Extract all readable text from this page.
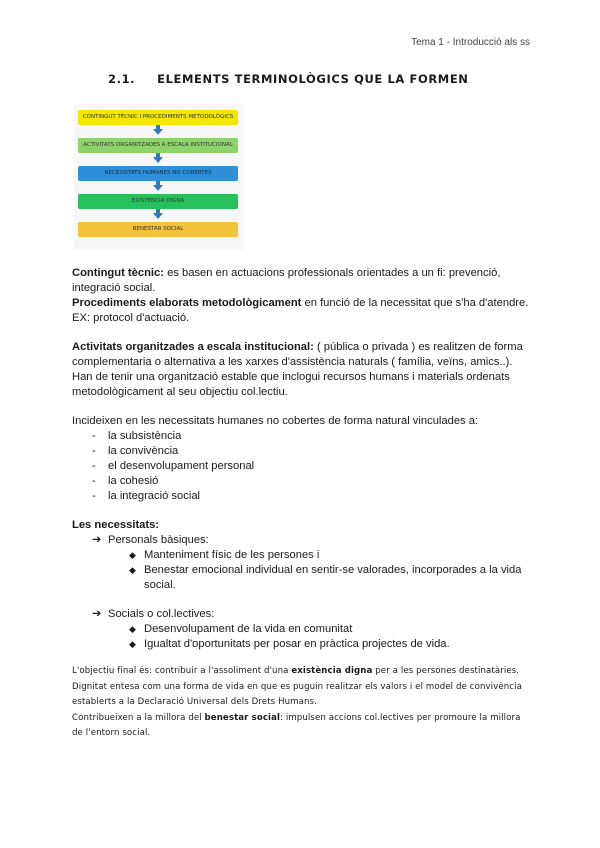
Tema 1 - Introducció als ss
2.1. ELEMENTS TERMINOLÒGICS QUE LA FORMEN
CONTINGUT TÈCNIC I PROCEDIMENTS METODOLÒGICS
ACTIVITATS ORGANITZADES A ESCALA INSTITUCIONAL
NECESSITATS HUMANES NO COBERTES
EXISTÈNCIA DIGNA
BENESTAR SOCIAL

Contingut tècnic: es basen en actuacions professionals orientades a un fi: prevenció, integració social.

Procediments elaborats metodològicament en funció de la necessitat que s'ha d'atendre. EX: protocol d'actuació.

Activitats organitzades a escala institucional: ( pública o privada ) es realitzen de forma complementaria o alternativa a les xarxes d'assistència naturals ( família, veïns, amics..). Han de tenir una organització estable que inclogui recursos humans i materials ordenats metodològicament al seu objectiu col.lectiu.

Incideixen en les necessitats humanes no cobertes de forma natural vinculades a:

- la subsistència
- la convivència
- el desenvolupament personal
- la cohesió
- la integració social

Les necessitats:

➔ Personals bàsiques:
◆ Manteniment físic de les persones i
◆ Benestar emocional individual en sentir-se valorades, incorporades a la vida social.
➔ Socials o col.lectives:
◆ Desenvolupament de la vida en comunitat
◆ Igualtat d'oportunitats per posar en pràctica projectes de vida.

L'objectiu final és: contribuir a l'assoliment d'una existència digna per a les persones destinatàries.

Dignitat entesa com una forma de vida en que es puguin realitzar els valors i el model de convivència establerts a la Declaració Universal dels Drets Humans.

Contribueixen a la millora del benestar social: impulsen accions col.lectives per promoure la millora de l'entorn social.
